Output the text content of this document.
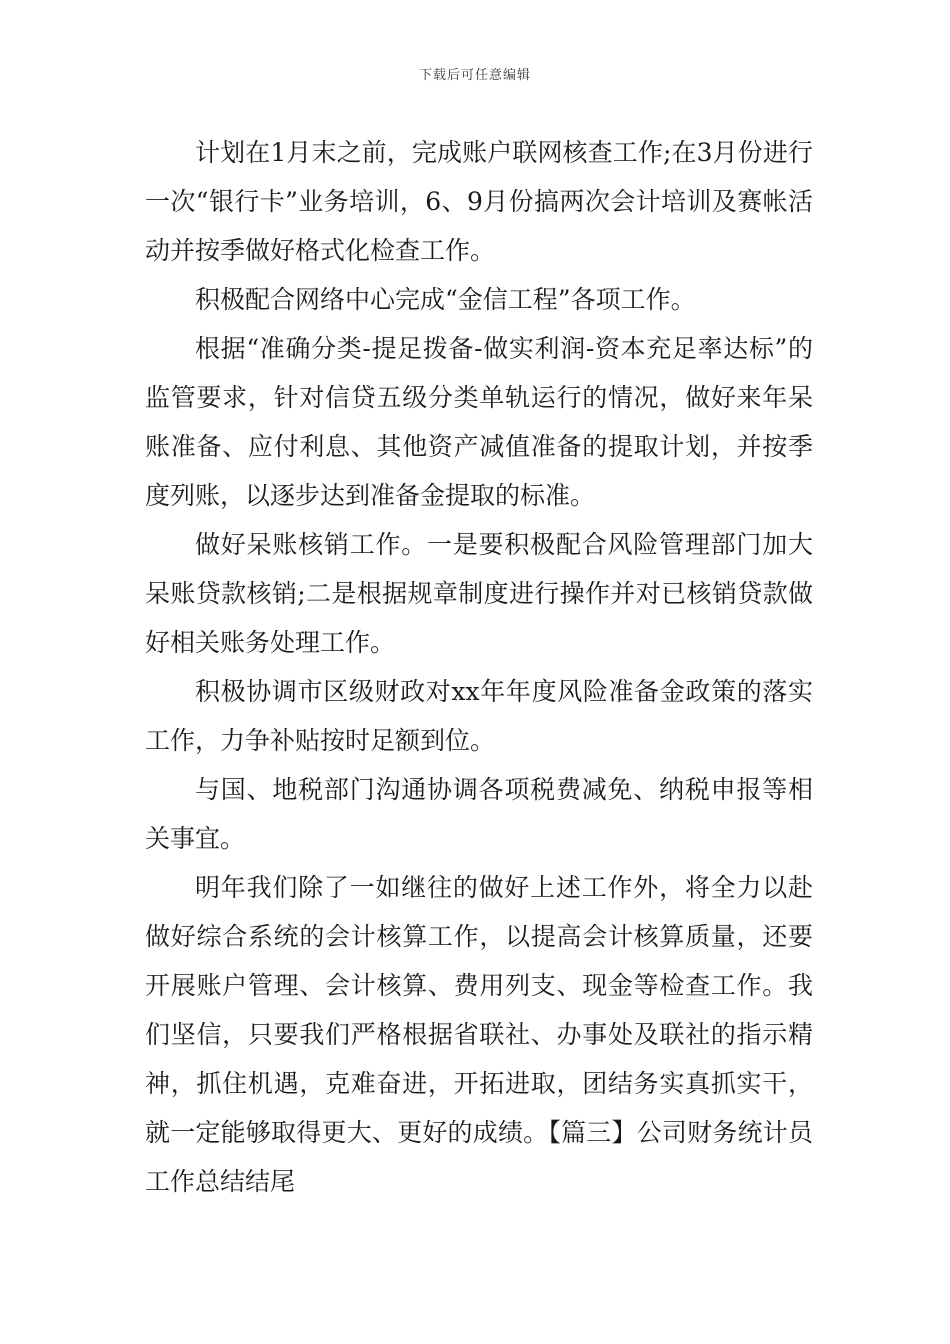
下载后可任意编辑

计划在1月末之前，完成账户联网核查工作;在3月份进行一次“银行卡”业务培训，6、9月份搞两次会计培训及赛帐活动并按季做好格式化检查工作。

积极配合网络中心完成“金信工程”各项工作。

根据“准确分类-提足拨备-做实利润-资本充足率达标”的监管要求，针对信贷五级分类单轨运行的情况，做好来年呆账准备、应付利息、其他资产减值准备的提取计划，并按季度列账，以逐步达到准备金提取的标准。

做好呆账核销工作。一是要积极配合风险管理部门加大呆账贷款核销;二是根据规章制度进行操作并对已核销贷款做好相关账务处理工作。

积极协调市区级财政对xx年年度风险准备金政策的落实工作，力争补贴按时足额到位。

与国、地税部门沟通协调各项税费减免、纳税申报等相关事宜。

明年我们除了一如继往的做好上述工作外，将全力以赴做好综合系统的会计核算工作，以提高会计核算质量，还要开展账户管理、会计核算、费用列支、现金等检查工作。我们坚信，只要我们严格根据省联社、办事处及联社的指示精神，抓住机遇，克难奋进，开拓进取，团结务实真抓实干，就一定能够取得更大、更好的成绩。【篇三】公司财务统计员工作总结结尾
